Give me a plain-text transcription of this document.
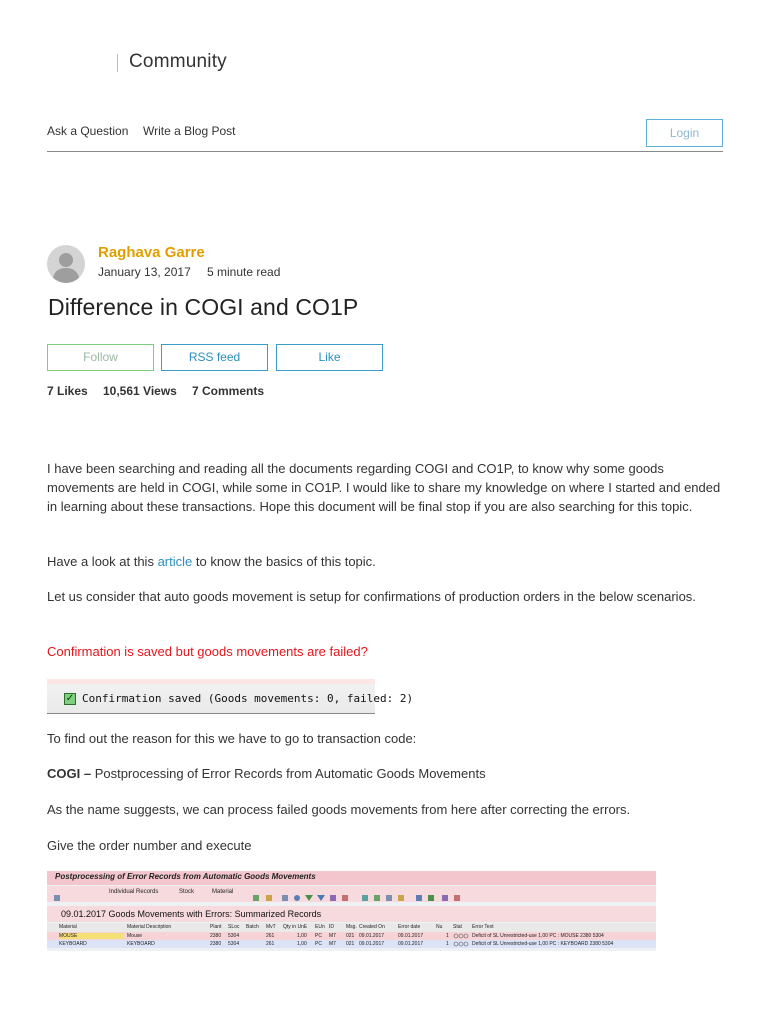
Community
Ask a Question Write a Blog Post	Login
Raghava Garre
January 13, 2017 5 minute read
Difference in COGI and CO1P
Follow	RSS feed	Like
7 Likes 10,561 Views 7 Comments

I have been searching and reading all the documents regarding COGI and CO1P, to know why some goods movements are held in COGI, while some in CO1P. I would like to share my knowledge on where I started and ended in learning about these transactions. Hope this document will be final stop if you are also searching for this topic.

Have a look at this article to know the basics of this topic.

Let us consider that auto goods movement is setup for confirmations of production orders in the below scenarios.

Confirmation is saved but goods movements are failed?

✓ Confirmation saved (Goods movements: 0, failed: 2)

To find out the reason for this we have to go to transaction code:

COGI – Postprocessing of Error Records from Automatic Goods Movements

As the name suggests, we can process failed goods movements from here after correcting the errors.

Give the order number and execute

Postprocessing of Error Records from Automatic Goods Movements
Individual Records	Stock	Material
09.01.2017 Goods Movements with Errors: Summarized Records
Material	Material Description	Plant SLoc Batch MvT Qty in UnE EUn ID Msg. Created On	Error date	Nu Stat Error Text
MOUSE	Mouse	2380 5304	261	1,00 PC M7 021 09.01.2017	09.01.2017	1	Deficit of SL Unrestricted-use 1,00 PC : MOUSE 2380 5304
KEYBOARD	KEYBOARD	2380 5304	261	1,00 PC M7 021 09.01.2017	09.01.2017	1	Deficit of SL Unrestricted-use 1,00 PC : KEYBOARD 2380 5304
